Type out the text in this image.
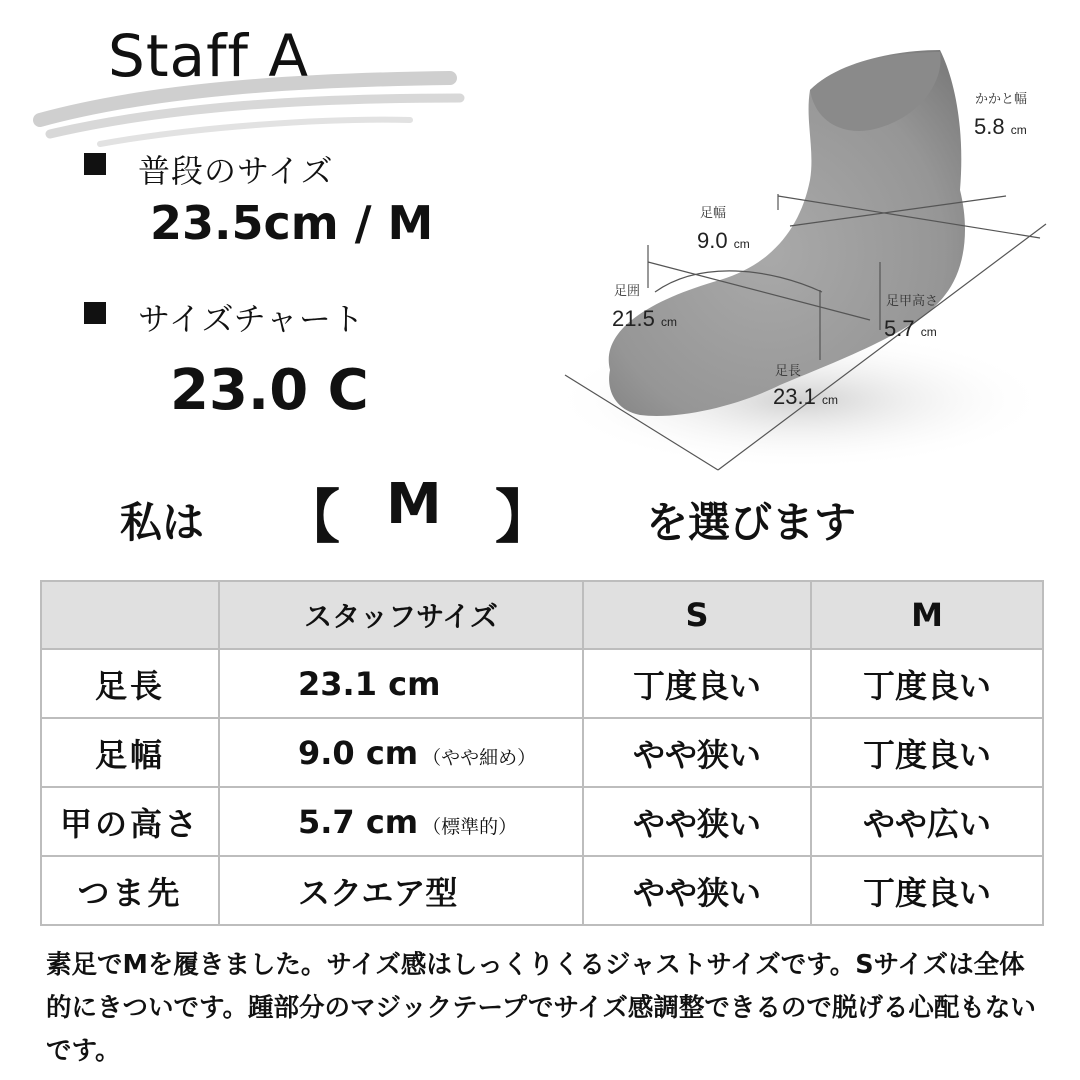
Staff A
普段のサイズ
23.5cm / M
サイズチャート
23.0 C
かかと幅
5.8 cm
足幅
9.0 cm
足囲
21.5 cm
足甲高さ
5.7 cm
足長
23.1 cm
私は 【 M 】 を選びます
	スタッフサイズ	S	M
足長	23.1 cm	丁度良い	丁度良い
足幅	9.0 cm （やや細め）	やや狭い	丁度良い
甲の高さ	5.7 cm （標準的）	やや狭い	やや広い
つま先	スクエア型	やや狭い	丁度良い
素足でMを履きました。サイズ感はしっくりくるジャストサイズです。Sサイズは全体的にきついです。踵部分のマジックテープでサイズ感調整できるので脱げる心配もないです。
